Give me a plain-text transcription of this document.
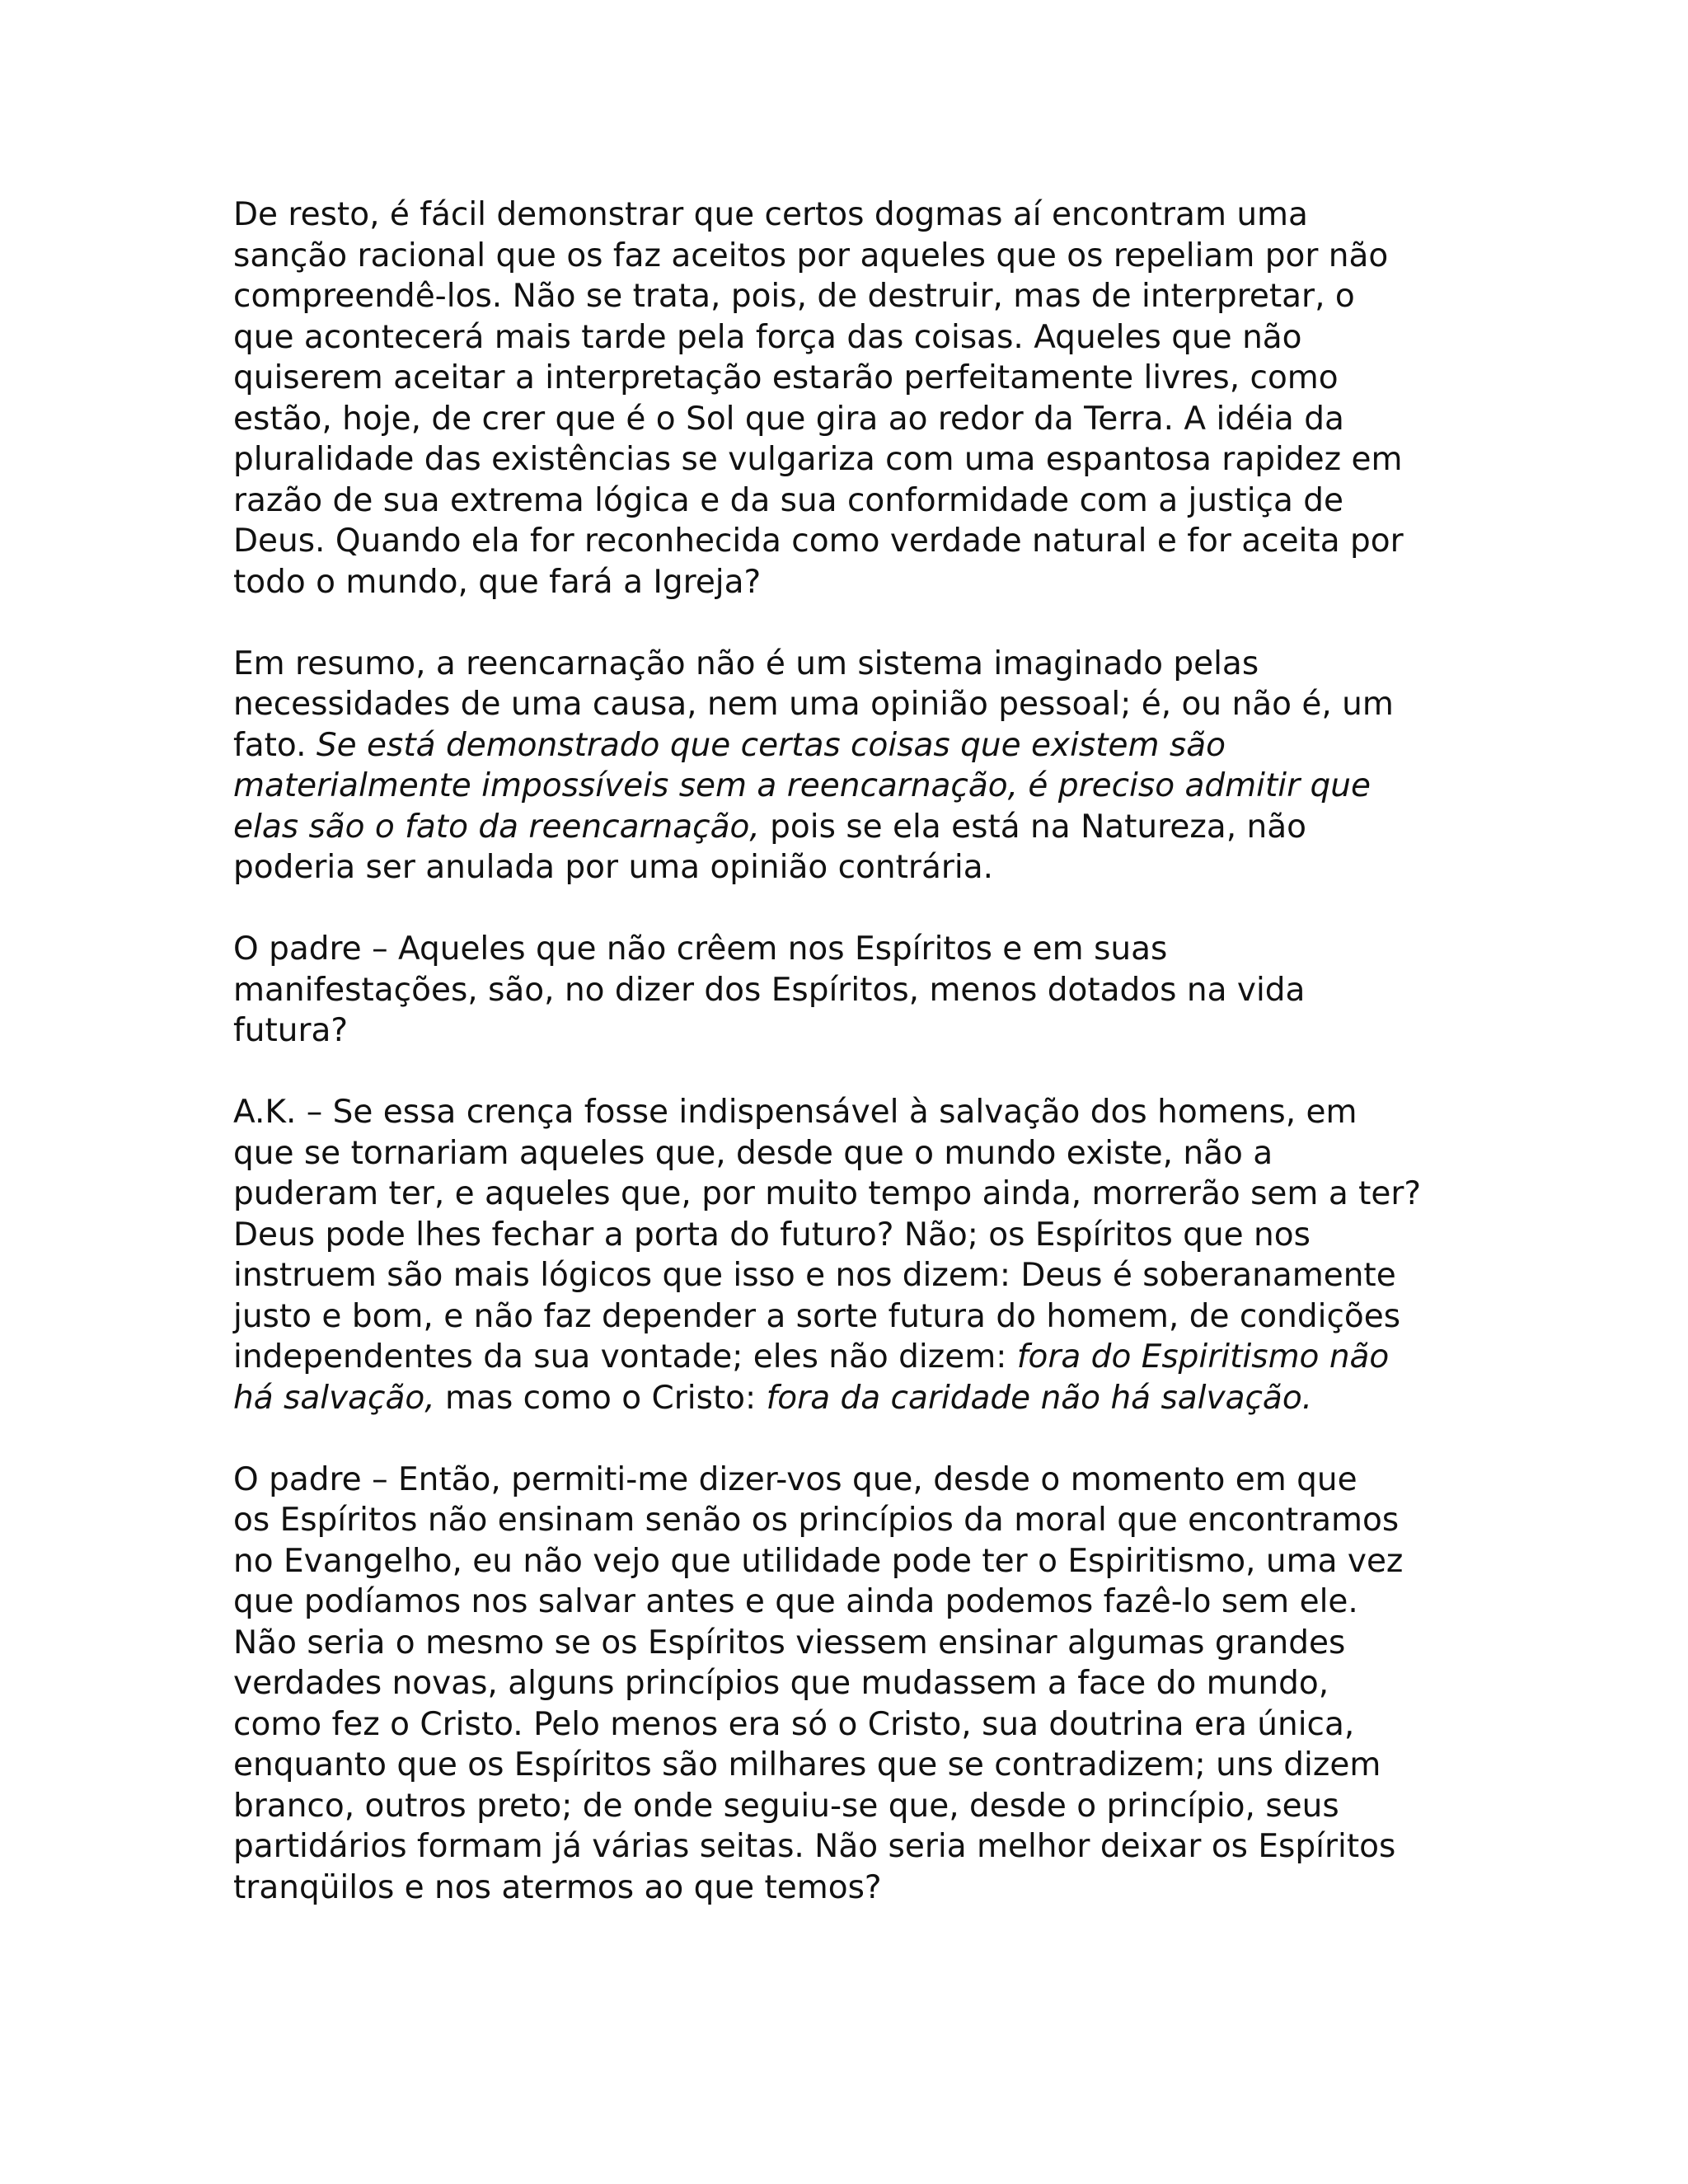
De resto, é fácil demonstrar que certos dogmas aí encontram uma
sanção racional que os faz aceitos por aqueles que os repeliam por não
compreendê-los. Não se trata, pois, de destruir, mas de interpretar, o
que acontecerá mais tarde pela força das coisas. Aqueles que não
quiserem aceitar a interpretação estarão perfeitamente livres, como
estão, hoje, de crer que é o Sol que gira ao redor da Terra. A idéia da
pluralidade das existências se vulgariza com uma espantosa rapidez em
razão de sua extrema lógica e da sua conformidade com a justiça de
Deus. Quando ela for reconhecida como verdade natural e for aceita por
todo o mundo, que fará a Igreja?

Em resumo, a reencarnação não é um sistema imaginado pelas
necessidades de uma causa, nem uma opinião pessoal; é, ou não é, um
fato. Se está demonstrado que certas coisas que existem são
materialmente impossíveis sem a reencarnação, é preciso admitir que
elas são o fato da reencarnação, pois se ela está na Natureza, não
poderia ser anulada por uma opinião contrária.

O padre – Aqueles que não crêem nos Espíritos e em suas
manifestações, são, no dizer dos Espíritos, menos dotados na vida
futura?

A.K. – Se essa crença fosse indispensável à salvação dos homens, em
que se tornariam aqueles que, desde que o mundo existe, não a
puderam ter, e aqueles que, por muito tempo ainda, morrerão sem a ter?
Deus pode lhes fechar a porta do futuro? Não; os Espíritos que nos
instruem são mais lógicos que isso e nos dizem: Deus é soberanamente
justo e bom, e não faz depender a sorte futura do homem, de condições
independentes da sua vontade; eles não dizem: fora do Espiritismo não
há salvação, mas como o Cristo: fora da caridade não há salvação.

O padre – Então, permiti-me dizer-vos que, desde o momento em que
os Espíritos não ensinam senão os princípios da moral que encontramos
no Evangelho, eu não vejo que utilidade pode ter o Espiritismo, uma vez
que podíamos nos salvar antes e que ainda podemos fazê-lo sem ele.
Não seria o mesmo se os Espíritos viessem ensinar algumas grandes
verdades novas, alguns princípios que mudassem a face do mundo,
como fez o Cristo. Pelo menos era só o Cristo, sua doutrina era única,
enquanto que os Espíritos são milhares que se contradizem; uns dizem
branco, outros preto; de onde seguiu-se que, desde o princípio, seus
partidários formam já várias seitas. Não seria melhor deixar os Espíritos
tranqüilos e nos atermos ao que temos?
